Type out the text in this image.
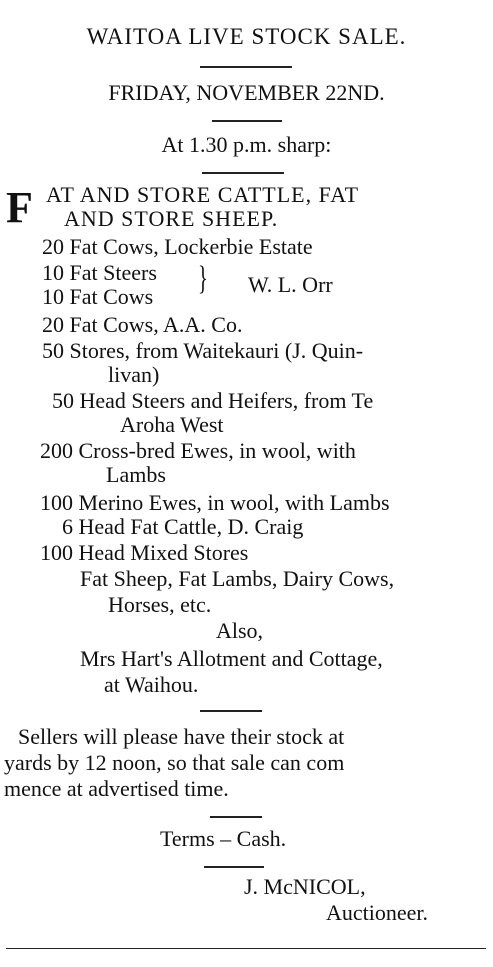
WAITOA LIVE STOCK SALE.
FRIDAY, NOVEMBER 22ND.
At 1.30 p.m. sharp:
F AT AND STORE CATTLE, FAT
AND STORE SHEEP.
20 Fat Cows, Lockerbie Estate
10 Fat Steers
10 Fat Cows } W. L. Orr
20 Fat Cows, A.A. Co.
50 Stores, from Waitekauri (J. Quin-
livan)
50 Head Steers and Heifers, from Te
Aroha West
200 Cross-bred Ewes, in wool, with
Lambs
100 Merino Ewes, in wool, with Lambs
6 Head Fat Cattle, D. Craig
100 Head Mixed Stores
Fat Sheep, Fat Lambs, Dairy Cows,
Horses, etc.
Also,
Mrs Hart's Allotment and Cottage,
at Waihou.
Sellers will please have their stock at
yards by 12 noon, so that sale can com
mence at advertised time.
Terms – Cash.
J. McNICOL,
Auctioneer.
